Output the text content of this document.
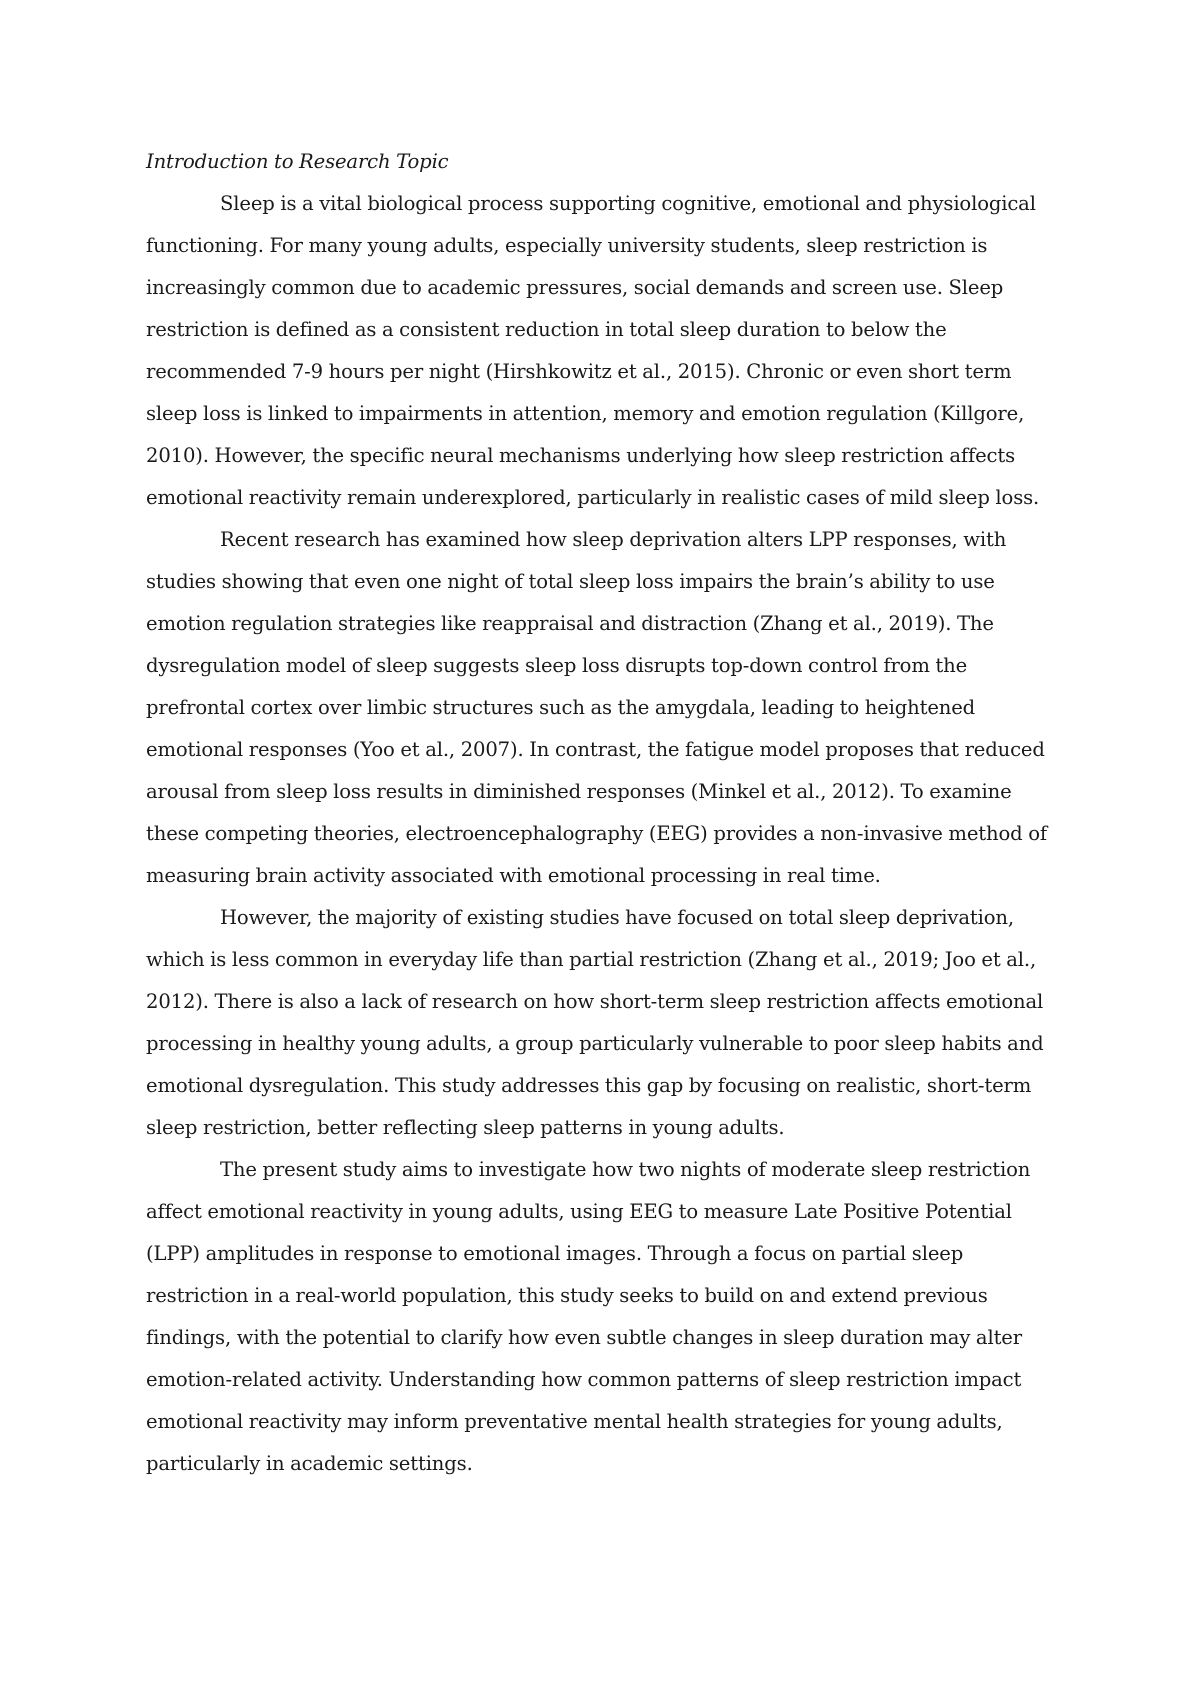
Introduction to Research Topic

Sleep is a vital biological process supporting cognitive, emotional and physiological functioning. For many young adults, especially university students, sleep restriction is increasingly common due to academic pressures, social demands and screen use. Sleep restriction is defined as a consistent reduction in total sleep duration to below the recommended 7-9 hours per night (Hirshkowitz et al., 2015). Chronic or even short term sleep loss is linked to impairments in attention, memory and emotion regulation (Killgore, 2010). However, the specific neural mechanisms underlying how sleep restriction affects emotional reactivity remain underexplored, particularly in realistic cases of mild sleep loss.

Recent research has examined how sleep deprivation alters LPP responses, with studies showing that even one night of total sleep loss impairs the brain’s ability to use emotion regulation strategies like reappraisal and distraction (Zhang et al., 2019). The dysregulation model of sleep suggests sleep loss disrupts top-down control from the prefrontal cortex over limbic structures such as the amygdala, leading to heightened emotional responses (Yoo et al., 2007). In contrast, the fatigue model proposes that reduced arousal from sleep loss results in diminished responses (Minkel et al., 2012). To examine these competing theories, electroencephalography (EEG) provides a non-invasive method of measuring brain activity associated with emotional processing in real time.

However, the majority of existing studies have focused on total sleep deprivation, which is less common in everyday life than partial restriction (Zhang et al., 2019; Joo et al., 2012). There is also a lack of research on how short-term sleep restriction affects emotional processing in healthy young adults, a group particularly vulnerable to poor sleep habits and emotional dysregulation. This study addresses this gap by focusing on realistic, short-term sleep restriction, better reflecting sleep patterns in young adults.

The present study aims to investigate how two nights of moderate sleep restriction affect emotional reactivity in young adults, using EEG to measure Late Positive Potential (LPP) amplitudes in response to emotional images. Through a focus on partial sleep restriction in a real-world population, this study seeks to build on and extend previous findings, with the potential to clarify how even subtle changes in sleep duration may alter emotion-related activity. Understanding how common patterns of sleep restriction impact emotional reactivity may inform preventative mental health strategies for young adults, particularly in academic settings.
